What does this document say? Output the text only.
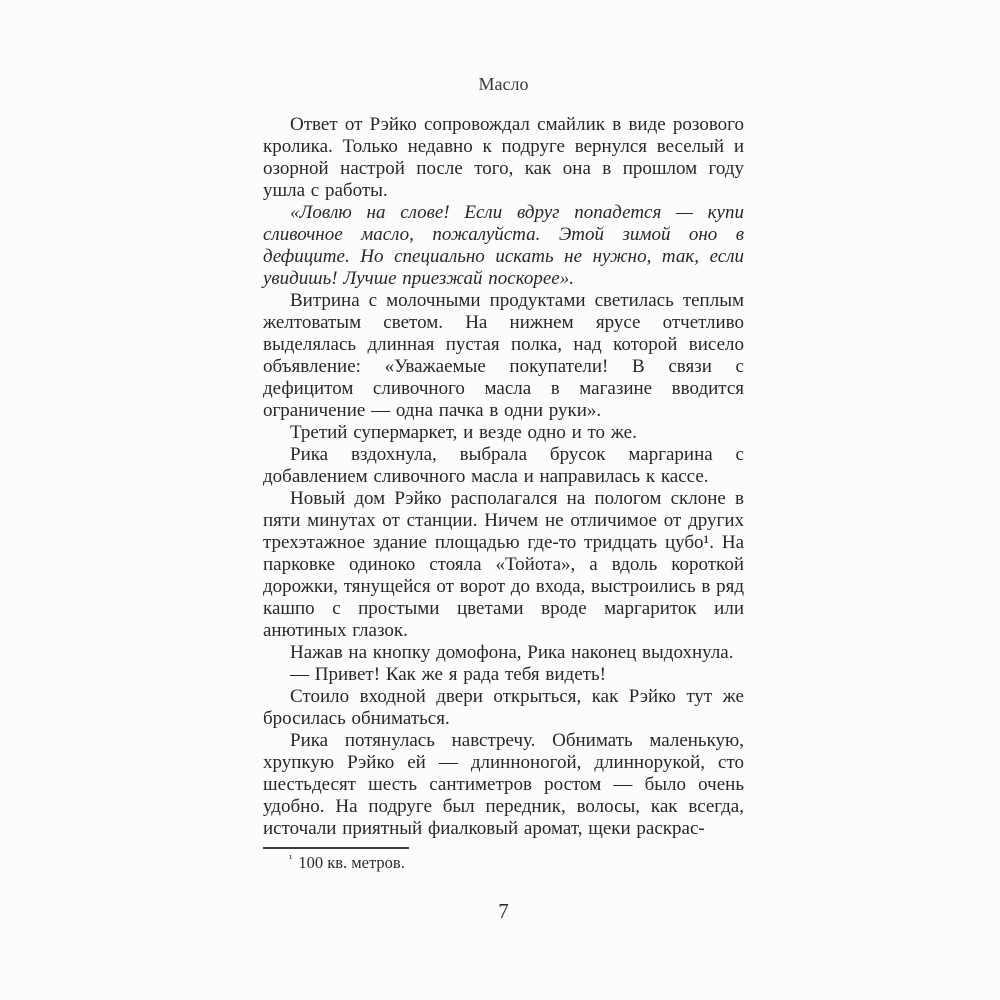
Масло

Ответ от Рэйко сопровождал смайлик в виде розового кролика. Только недавно к подруге вернулся веселый и озорной настрой после того, как она в прошлом году ушла с работы.

«Ловлю на слове! Если вдруг попадется — купи сливочное масло, пожалуйста. Этой зимой оно в дефиците. Но специально искать не нужно, так, если увидишь! Лучше приезжай поскорее».

Витрина с молочными продуктами светилась теплым желтоватым светом. На нижнем ярусе отчетливо выделялась длинная пустая полка, над которой висело объявление: «Уважаемые покупатели! В связи с дефицитом сливочного масла в магазине вводится ограничение — одна пачка в одни руки».

Третий супермаркет, и везде одно и то же.

Рика вздохнула, выбрала брусок маргарина с добавлением сливочного масла и направилась к кассе.

Новый дом Рэйко располагался на пологом склоне в пяти минутах от станции. Ничем не отличимое от других трехэтажное здание площадью где-то тридцать цубо¹. На парковке одиноко стояла «Тойота», а вдоль короткой дорожки, тянущейся от ворот до входа, выстроились в ряд кашпо с простыми цветами вроде маргариток или анютиных глазок.

Нажав на кнопку домофона, Рика наконец выдохнула.

— Привет! Как же я рада тебя видеть!

Стоило входной двери открыться, как Рэйко тут же бросилась обниматься.

Рика потянулась навстречу. Обнимать маленькую, хрупкую Рэйко ей — длинноногой, длиннорукой, сто шестьдесят шесть сантиметров ростом — было очень удобно. На подруге был передник, волосы, как всегда, источали приятный фиалковый аромат, щеки раскрас-

$^{^1}$ 100 кв. метров.
7
